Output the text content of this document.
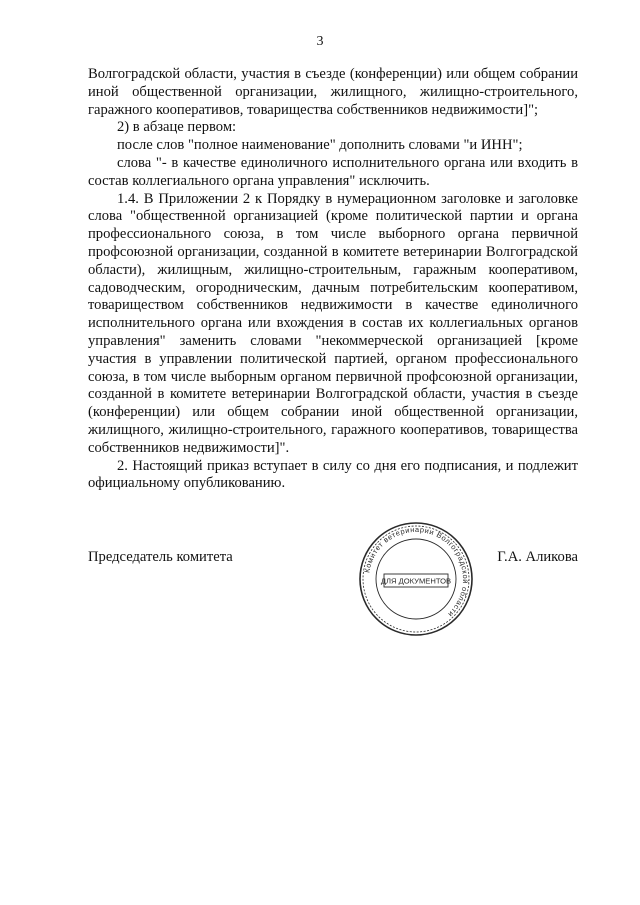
3

Волгоградской области, участия в съезде (конференции) или общем собрании иной общественной организации, жилищного, жилищно-строительного, гаражного кооперативов, товарищества собственников недвижимости]";

2) в абзаце первом:

после слов "полное наименование" дополнить словами "и ИНН";

слова "- в качестве единоличного исполнительного органа или входить в состав коллегиального органа управления" исключить.

1.4. В Приложении 2 к Порядку в нумерационном заголовке и заголовке слова "общественной организацией (кроме политической партии и органа профессионального союза, в том числе выборного органа первичной профсоюзной организации, созданной в комитете ветеринарии Волгоградской области), жилищным, жилищно-строительным, гаражным кооперативом, садоводческим, огородническим, дачным потребительским кооперативом, товариществом собственников недвижимости в качестве единоличного исполнительного органа или вхождения в состав их коллегиальных органов управления" заменить словами "некоммерческой организацией [кроме участия в управлении политической партией, органом профессионального союза, в том числе выборным органом первичной профсоюзной организации, созданной в комитете ветеринарии Волгоградской области, участия в съезде (конференции) или общем собрании иной общественной организации, жилищного, жилищно-строительного, гаражного кооперативов, товарищества собственников недвижимости]".

2. Настоящий приказ вступает в силу со дня его подписания, и подлежит официальному опубликованию.

Председатель комитета	Г.А. Аликова
Комитет ветеринарии Волгоградской области
ДЛЯ ДОКУМЕНТОВ
